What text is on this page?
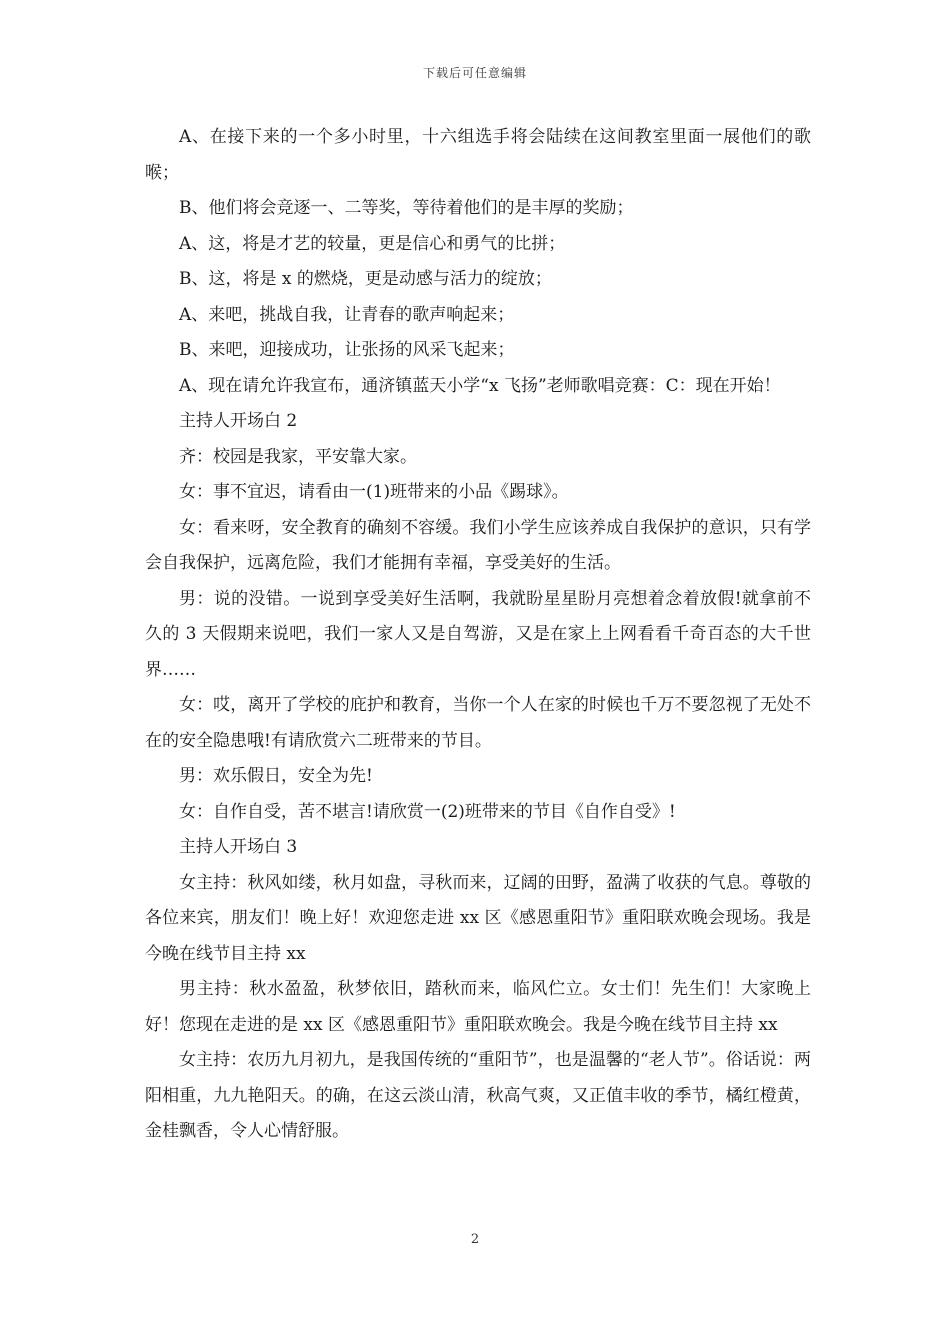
下载后可任意编辑

A、在接下来的一个多小时里，十六组选手将会陆续在这间教室里面一展他们的歌喉；

B、他们将会竞逐一、二等奖，等待着他们的是丰厚的奖励；

A、这，将是才艺的较量，更是信心和勇气的比拼；

B、这，将是 x 的燃烧，更是动感与活力的绽放；

A、来吧，挑战自我，让青春的歌声响起来；

B、来吧，迎接成功，让张扬的风采飞起来；

A、现在请允许我宣布，通济镇蓝天小学“x 飞扬”老师歌唱竞赛：C：现在开始！

主持人开场白 2

齐：校园是我家，平安靠大家。

女：事不宜迟，请看由一(1)班带来的小品《踢球》。

女：看来呀，安全教育的确刻不容缓。我们小学生应该养成自我保护的意识，只有学会自我保护，远离危险，我们才能拥有幸福，享受美好的生活。

男：说的没错。一说到享受美好生活啊，我就盼星星盼月亮想着念着放假!就拿前不久的 3 天假期来说吧，我们一家人又是自驾游，又是在家上上网看看千奇百态的大千世界……

女：哎，离开了学校的庇护和教育，当你一个人在家的时候也千万不要忽视了无处不在的安全隐患哦!有请欣赏六二班带来的节目。

男：欢乐假日，安全为先!

女：自作自受，苦不堪言!请欣赏一(2)班带来的节目《自作自受》!

主持人开场白 3

女主持：秋风如缕，秋月如盘，寻秋而来，辽阔的田野，盈满了收获的气息。尊敬的各位来宾，朋友们！晚上好！欢迎您走进 xx 区《感恩重阳节》重阳联欢晚会现场。我是今晚在线节目主持 xx

男主持：秋水盈盈，秋梦依旧，踏秋而来，临风伫立。女士们！先生们！大家晚上好！您现在走进的是 xx 区《感恩重阳节》重阳联欢晚会。我是今晚在线节目主持 xx

女主持：农历九月初九，是我国传统的“重阳节”，也是温馨的“老人节”。俗话说：两阳相重，九九艳阳天。的确，在这云淡山清，秋高气爽，又正值丰收的季节，橘红橙黄，金桂飘香，令人心情舒服。

2
